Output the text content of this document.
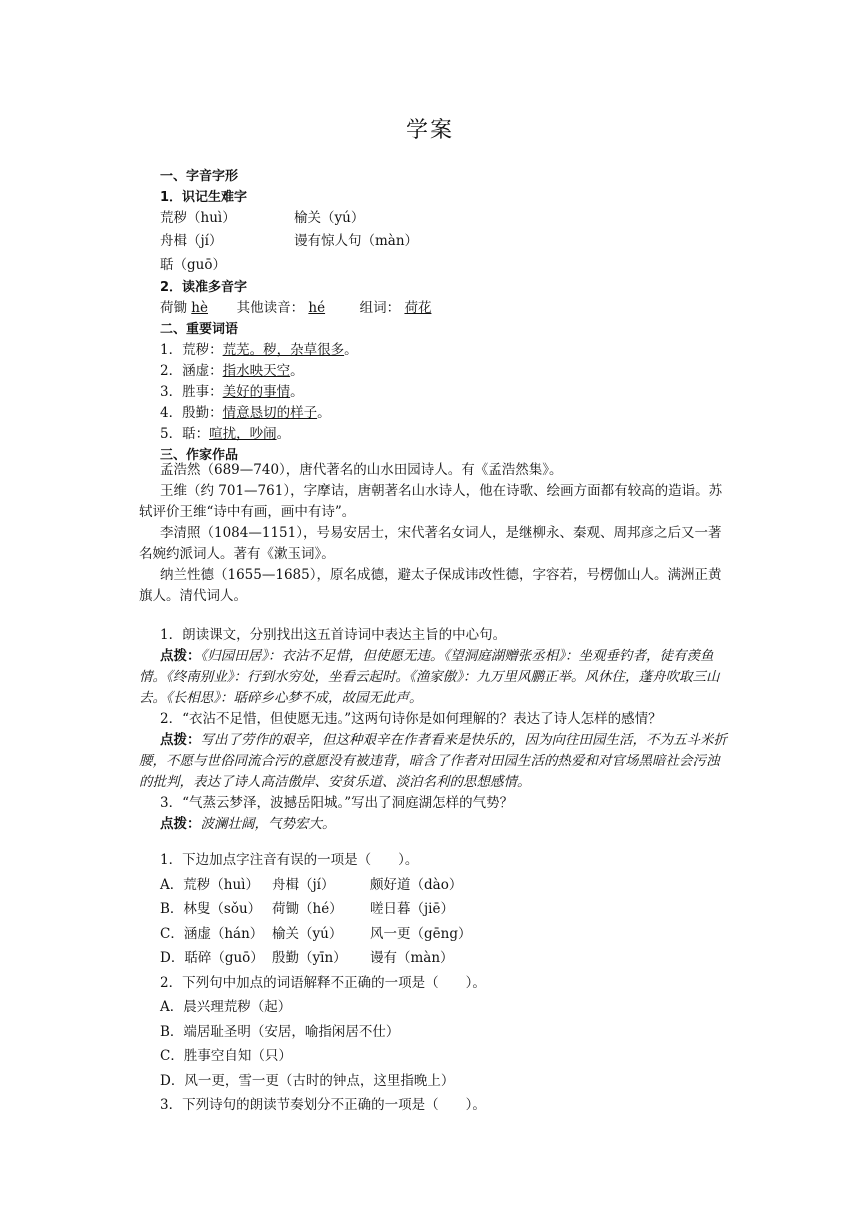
学案

一、字音字形

1．识记生难字

荒秽（huì）	榆关（yú）

舟楫（jí）	谩有惊人句（màn）

聒（guō）

2．读准多音字

荷锄 hè 其他读音： hé	组词： 荷花

二、重要词语

1．荒秽：荒芜。秽，杂草很多。

2．涵虚：指水映天空。

3．胜事：美好的事情。

4．殷勤：情意恳切的样子。

5．聒：喧扰，吵闹。

三、作家作品

孟浩然（689—740），唐代著名的山水田园诗人。有《孟浩然集》。

王维（约 701—761），字摩诘，唐朝著名山水诗人，他在诗歌、绘画方面都有较高的造诣。苏轼评价王维“诗中有画，画中有诗”。

李清照（1084—1151），号易安居士，宋代著名女词人，是继柳永、秦观、周邦彦之后又一著名婉约派词人。著有《漱玉词》。

纳兰性德（1655—1685），原名成德，避太子保成讳改性德，字容若，号楞伽山人。满洲正黄旗人。清代词人。

1．朗读课文，分别找出这五首诗词中表达主旨的中心句。

点拨：《归园田居》：衣沾不足惜，但使愿无违。《望洞庭湖赠张丞相》：坐观垂钓者，徒有羡鱼情。《终南别业》：行到水穷处，坐看云起时。《渔家傲》：九万里风鹏正举。风休住，蓬舟吹取三山去。《长相思》：聒碎乡心梦不成，故园无此声。

2．“衣沾不足惜，但使愿无违。”这两句诗你是如何理解的？表达了诗人怎样的感情？

点拨：写出了劳作的艰辛，但这种艰辛在作者看来是快乐的，因为向往田园生活，不为五斗米折腰，不愿与世俗同流合污的意愿没有被违背，暗含了作者对田园生活的热爱和对官场黑暗社会污浊的批判，表达了诗人高洁傲岸、安贫乐道、淡泊名利的思想感情。

3．“气蒸云梦泽，波撼岳阳城。”写出了洞庭湖怎样的气势？

点拨：波澜壮阔，气势宏大。

1．下边加点字注音有误的一项是（　　）。

A．荒秽（huì） 舟楫（jí）	颇好道（dào）

B．林叟（sǒu） 荷锄（hé）	嗟日暮（jiē）

C．涵虚（hán） 榆关（yú）	风一更（gēng）

D．聒碎（guō） 殷勤（yīn）	谩有（màn）

2．下列句中加点的词语解释不正确的一项是（　　）。

A．晨兴理荒秽（起）

B．端居耻圣明（安居，喻指闲居不仕）

C．胜事空自知（只）

D．风一更，雪一更（古时的钟点，这里指晚上）

3．下列诗句的朗读节奏划分不正确的一项是（　　）。
